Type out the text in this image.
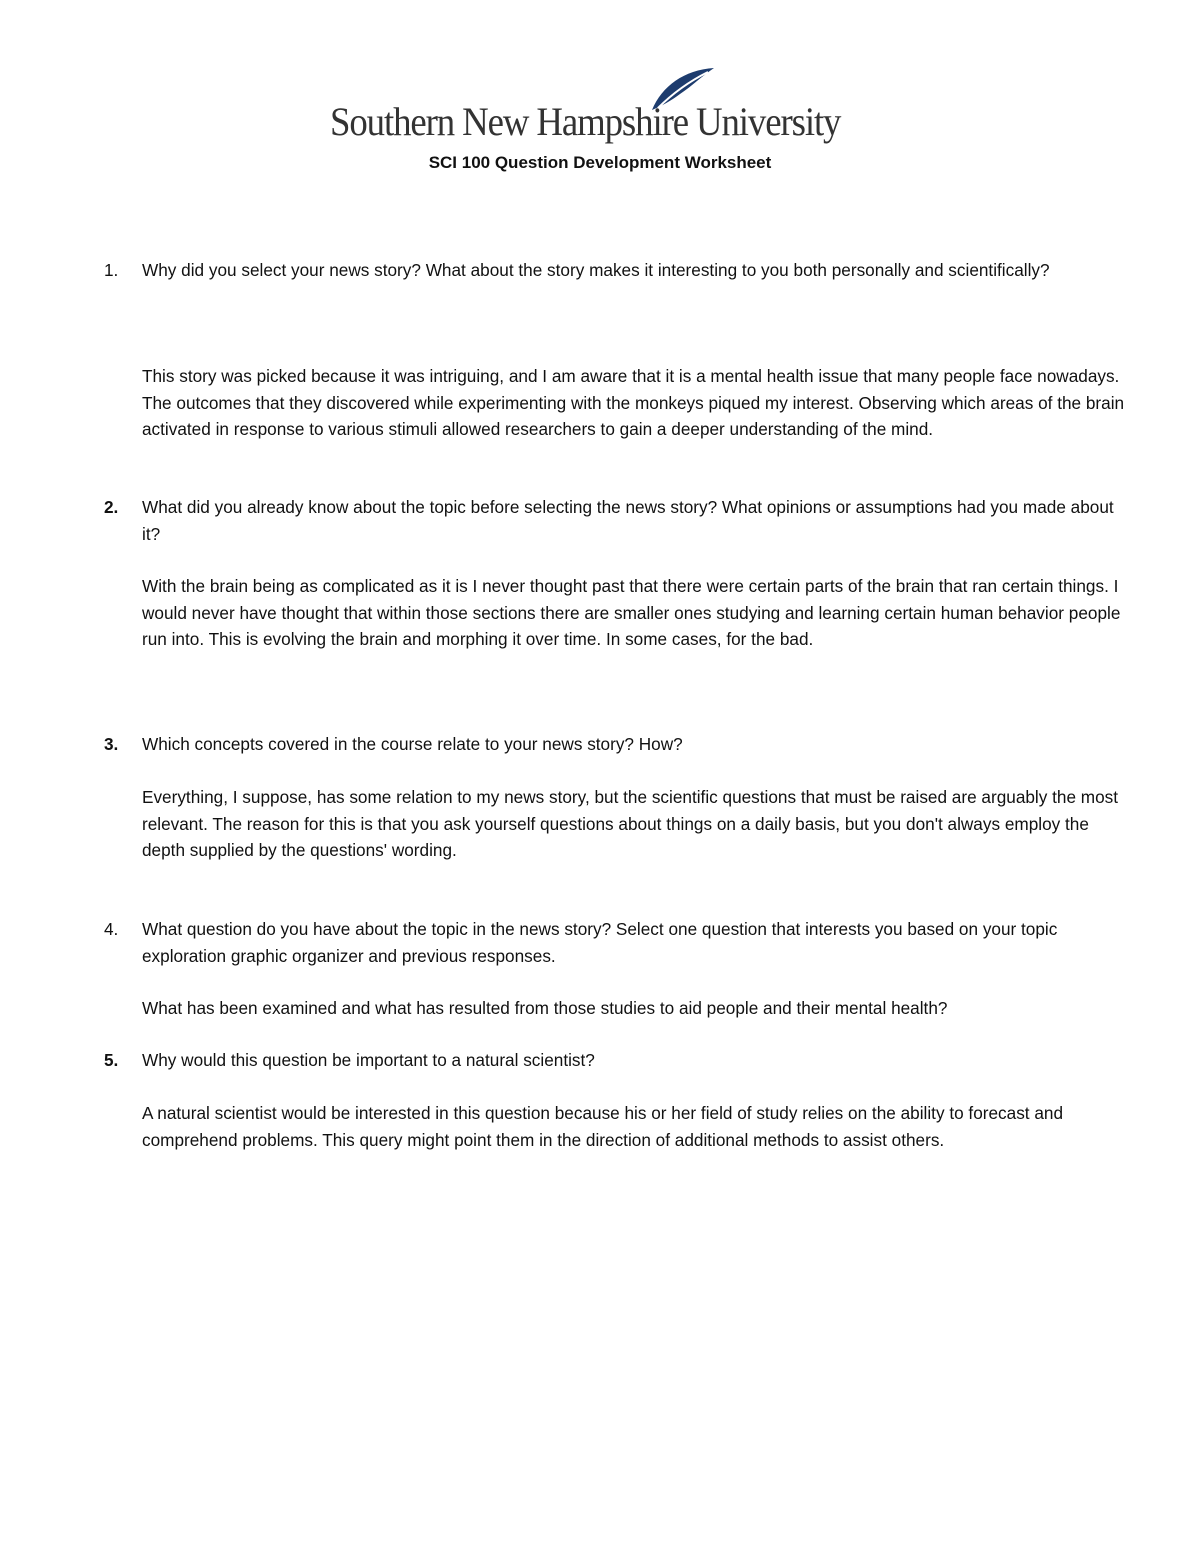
Southern New Hampshire University
SCI 100 Question Development Worksheet
1.	Why did you select your news story? What about the story makes it interesting to you both personally and scientifically?
This story was picked because it was intriguing, and I am aware that it is a mental health issue that many people face nowadays. The outcomes that they discovered while experimenting with the monkeys piqued my interest. Observing which areas of the brain activated in response to various stimuli allowed researchers to gain a deeper understanding of the mind.
2.	What did you already know about the topic before selecting the news story? What opinions or assumptions had you made about it?
With the brain being as complicated as it is I never thought past that there were certain parts of the brain that ran certain things. I would never have thought that within those sections there are smaller ones studying and learning certain human behavior people run into. This is evolving the brain and morphing it over time. In some cases, for the bad.
3.	Which concepts covered in the course relate to your news story? How?
Everything, I suppose, has some relation to my news story, but the scientific questions that must be raised are arguably the most relevant. The reason for this is that you ask yourself questions about things on a daily basis, but you don't always employ the depth supplied by the questions' wording.
4.	What question do you have about the topic in the news story? Select one question that interests you based on your topic exploration graphic organizer and previous responses.
What has been examined and what has resulted from those studies to aid people and their mental health?
5.	Why would this question be important to a natural scientist?
A natural scientist would be interested in this question because his or her field of study relies on the ability to forecast and comprehend problems. This query might point them in the direction of additional methods to assist others.
